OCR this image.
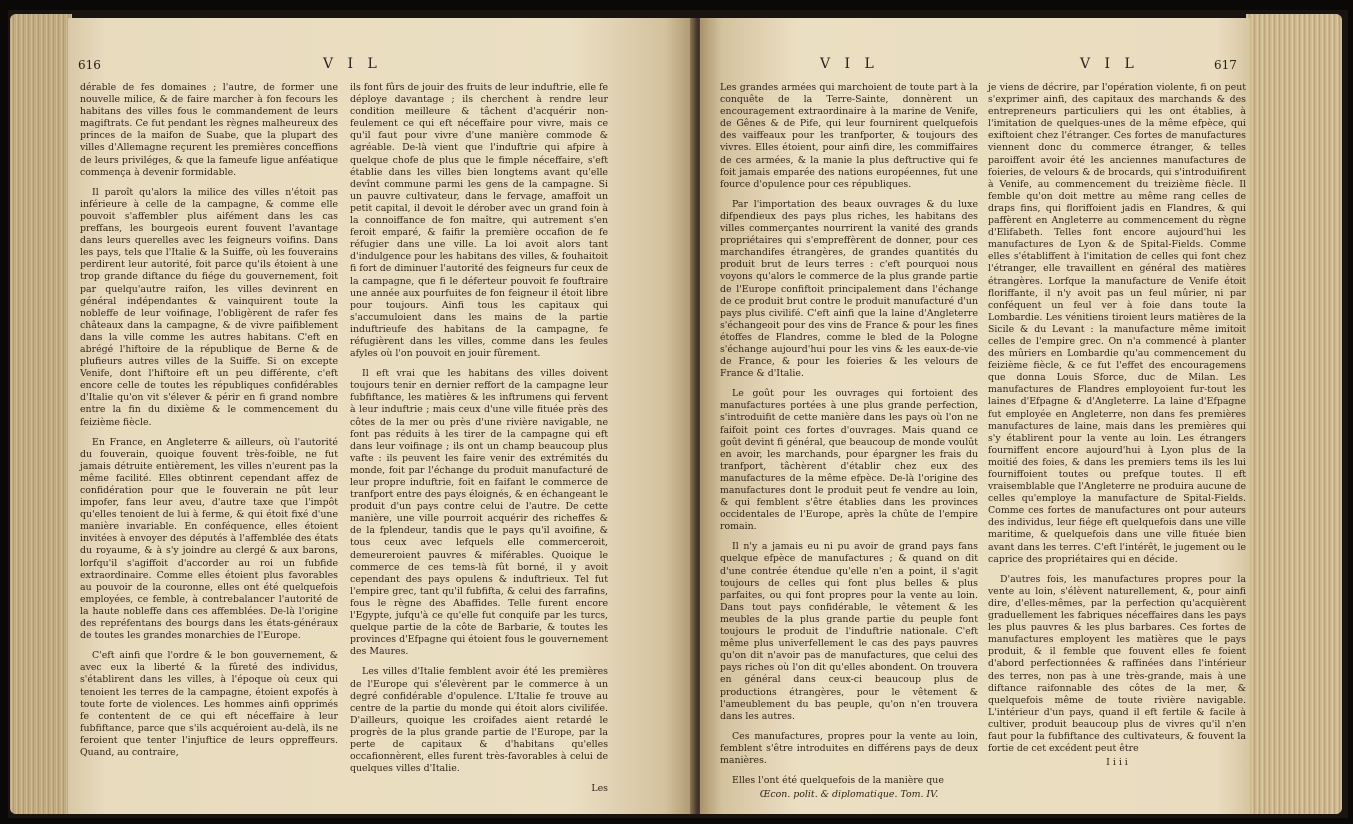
616	V I L

dérable de fes domaines ; l'autre, de former une nouvelle milice, & de faire marcher à fon fecours les habitans des villes fous le commandement de leurs magiftrats. Ce fut pendant les règnes malheureux des princes de la maifon de Suabe, que la plupart des villes d'Allemagne reçurent les premières conceffions de leurs priviléges, & que la fameufe ligue anféatique commença à devenir formidable.

Il paroît qu'alors la milice des villes n'étoit pas inférieure à celle de la campagne, & comme elle pouvoit s'affembler plus aifément dans les cas preffans, les bourgeois eurent fouvent l'avantage dans leurs querelles avec les feigneurs voifins. Dans les pays, tels que l'Italie & la Suiffe, où les fouverains perdirent leur autorité, foit parce qu'ils étoient à une trop grande diftance du fiége du gouvernement, foit par quelqu'autre raifon, les villes devinrent en général indépendantes & vainquirent toute la nobleffe de leur voifinage, l'obligèrent de rafer fes châteaux dans la campagne, & de vivre paifiblement dans la ville comme les autres habitans. C'eft en abrégé l'hiftoire de la république de Berne & de plufieurs autres villes de la Suiffe. Si on excepte Venife, dont l'hiftoire eft un peu différente, c'eft encore celle de toutes les républiques confidérables d'Italie qu'on vit s'élever & périr en fi grand nombre entre la fin du dixième & le commencement du feizième fiècle.

En France, en Angleterre & ailleurs, où l'autorité du fouverain, quoique fouvent très-foible, ne fut jamais détruite entièrement, les villes n'eurent pas la même facilité. Elles obtinrent cependant affez de confidération pour que le fouverain ne pût leur impofer, fans leur aveu, d'autre taxe que l'impôt qu'elles tenoient de lui à ferme, & qui étoit fixé d'une manière invariable. En conféquence, elles étoient invitées à envoyer des députés à l'affemblée des états du royaume, & à s'y joindre au clergé & aux barons, lorfqu'il s'agiffoit d'accorder au roi un fubfide extraordinaire. Comme elles étoient plus favorables au pouvoir de la couronne, elles ont été quelquefois employées, ce femble, à contrebalancer l'autorité de la haute nobleffe dans ces affemblées. De-là l'origine des repréfentans des bourgs dans les états-généraux de toutes les grandes monarchies de l'Europe.

C'eft ainfi que l'ordre & le bon gouvernement, & avec eux la liberté & la fûreté des individus, s'établirent dans les villes, à l'époque où ceux qui tenoient les terres de la campagne, étoient expofés à toute forte de violences. Les hommes ainfi opprimés fe contentent de ce qui eft néceffaire à leur fubfiftance, parce que s'ils acquéroient au-delà, ils ne feroient que tenter l'injuftice de leurs oppreffeurs. Quand, au contraire,

ils font fûrs de jouir des fruits de leur induftrie, elle fe déploye davantage ; ils cherchent à rendre leur condition meilleure & tâchent d'acquérir non-feulement ce qui eft néceffaire pour vivre, mais ce qu'il faut pour vivre d'une manière commode & agréable. De-là vient que l'induftrie qui afpire à quelque chofe de plus que le fimple néceffaire, s'eft établie dans les villes bien longtems avant qu'elle devînt commune parmi les gens de la campagne. Si un pauvre cultivateur, dans le fervage, amaffoit un petit capital, il devoit le dérober avec un grand foin à la connoiffance de fon maître, qui autrement s'en feroit emparé, & faifir la première occafion de fe réfugier dans une ville. La loi avoit alors tant d'indulgence pour les habitans des villes, & fouhaitoit fi fort de diminuer l'autorité des feigneurs fur ceux de la campagne, que fi le déferteur pouvoit fe fouftraire une année aux pourfuites de fon feigneur il étoit libre pour toujours. Ainfi tous les capitaux qui s'accumuloient dans les mains de la partie induftrieufe des habitans de la campagne, fe réfugièrent dans les villes, comme dans les feules afyles où l'on pouvoit en jouir fûrement.

Il eft vrai que les habitans des villes doivent toujours tenir en dernier reffort de la campagne leur fubfiftance, les matières & les inftrumens qui fervent à leur induftrie ; mais ceux d'une ville fituée près des côtes de la mer ou près d'une rivière navigable, ne font pas réduits à les tirer de la campagne qui eft dans leur voifinage ; ils ont un champ beaucoup plus vafte : ils peuvent les faire venir des extrémités du monde, foit par l'échange du produit manufacturé de leur propre induftrie, foit en faifant le commerce de tranfport entre des pays éloignés, & en échangeant le produit d'un pays contre celui de l'autre. De cette manière, une ville pourroit acquérir des richeffes & de la fplendeur, tandis que le pays qu'il avoifine, & tous ceux avec lefquels elle commerceroit, demeureroient pauvres & miférables. Quoique le commerce de ces tems-là fût borné, il y avoit cependant des pays opulens & induftrieux. Tel fut l'empire grec, tant qu'il fubfifta, & celui des farrafins, fous le règne des Abaffides. Telle furent encore l'Egypte, jufqu'à ce qu'elle fut conquife par les turcs, quelque partie de la côte de Barbarie, & toutes les provinces d'Efpagne qui étoient fous le gouvernement des Maures.

Les villes d'Italie femblent avoir été les premières de l'Europe qui s'élevèrent par le commerce à un degré confidérable d'opulence. L'Italie fe trouve au centre de la partie du monde qui étoit alors civilifée. D'ailleurs, quoique les croifades aient retardé le progrès de la plus grande partie de l'Europe, par la perte de capitaux & d'habitans qu'elles occafionnèrent, elles furent très-favorables à celui de quelques villes d'Italie.

Les
V I L	V I L	617

Les grandes armées qui marchoient de toute part à la conquête de la Terre-Sainte, donnèrent un encouragement extraordinaire à la marine de Venife, de Gênes & de Pife, qui leur fournirent quelquefois des vaiffeaux pour les tranfporter, & toujours des vivres. Elles étoient, pour ainfi dire, les commiffaires de ces armées, & la manie la plus deftructive qui fe foit jamais emparée des nations européennes, fut une fource d'opulence pour ces républiques.

Par l'importation des beaux ouvrages & du luxe difpendieux des pays plus riches, les habitans des villes commerçantes nourrirent la vanité des grands propriétaires qui s'empreffèrent de donner, pour ces marchandifes étrangères, de grandes quantités du produit brut de leurs terres : c'eft pourquoi nous voyons qu'alors le commerce de la plus grande partie de l'Europe confiftoit principalement dans l'échange de ce produit brut contre le produit manufacturé d'un pays plus civilifé. C'eft ainfi que la laine d'Angleterre s'échangeoit pour des vins de France & pour les fines étoffes de Flandres, comme le bled de la Pologne s'échange aujourd'hui pour les vins & les eaux-de-vie de France, & pour les foieries & les velours de France & d'Italie.

Le goût pour les ouvrages qui fortoient des manufactures portées à une plus grande perfection, s'introduifit de cette manière dans les pays où l'on ne faifoit point ces fortes d'ouvrages. Mais quand ce goût devint fi général, que beaucoup de monde voulût en avoir, les marchands, pour épargner les frais du tranfport, tâchèrent d'établir chez eux des manufactures de la même efpèce. De-là l'origine des manufactures dont le produit peut fe vendre au loin, & qui femblent s'être établies dans les provinces occidentales de l'Europe, après la chûte de l'empire romain.

Il n'y a jamais eu ni pu avoir de grand pays fans quelque efpèce de manufactures ; & quand on dit d'une contrée étendue qu'elle n'en a point, il s'agit toujours de celles qui font plus belles & plus parfaites, ou qui font propres pour la vente au loin. Dans tout pays confidérable, le vêtement & les meubles de la plus grande partie du peuple font toujours le produit de l'induftrie nationale. C'eft même plus univerfellement le cas des pays pauvres qu'on dit n'avoir pas de manufactures, que celui des pays riches où l'on dit qu'elles abondent. On trouvera en général dans ceux-ci beaucoup plus de productions étrangères, pour le vêtement & l'ameublement du bas peuple, qu'on n'en trouvera dans les autres.

Ces manufactures, propres pour la vente au loin, femblent s'être introduites en différens pays de deux manières.

Elles l'ont été quelquefois de la manière que

Œcon. polit. & diplomatique. Tom. IV.

je viens de décrire, par l'opération violente, fi on peut s'exprimer ainfi, des capitaux des marchands & des entrepreneurs particuliers qui les ont établies, à l'imitation de quelques-unes de la même efpèce, qui exiftoient chez l'étranger. Ces fortes de manufactures viennent donc du commerce étranger, & telles paroiffent avoir été les anciennes manufactures de foieries, de velours & de brocards, qui s'introduifirent à Venife, au commencement du treizième fiècle. Il femble qu'on doit mettre au même rang celles de draps fins, qui floriffoient jadis en Flandres, & qui paffèrent en Angleterre au commencement du règne d'Elifabeth. Telles font encore aujourd'hui les manufactures de Lyon & de Spital-Fields. Comme elles s'établiffent à l'imitation de celles qui font chez l'étranger, elle travaillent en général des matières étrangères. Lorfque la manufacture de Venife étoit floriffante, il n'y avoit pas un feul mûrier, ni par conféquent un feul ver à foie dans toute la Lombardie. Les vénitiens tiroient leurs matières de la Sicile & du Levant : la manufacture même imitoit celles de l'empire grec. On n'a commencé à planter des mûriers en Lombardie qu'au commencement du feizième fiècle, & ce fut l'effet des encouragemens que donna Louis Sforce, duc de Milan. Les manufactures de Flandres employoient fur-tout les laines d'Efpagne & d'Angleterre. La laine d'Efpagne fut employée en Angleterre, non dans fes premières manufactures de laine, mais dans les premières qui s'y établirent pour la vente au loin. Les étrangers fourniffent encore aujourd'hui à Lyon plus de la moitié des foies, & dans les premiers tems ils les lui fourniffoient toutes ou prefque toutes. Il eft vraisemblable que l'Angleterre ne produira aucune de celles qu'employe la manufacture de Spital-Fields. Comme ces fortes de manufactures ont pour auteurs des individus, leur fiége eft quelquefois dans une ville maritime, & quelquefois dans une ville fituée bien avant dans les terres. C'eft l'intérêt, le jugement ou le caprice des propriétaires qui en décide.

D'autres fois, les manufactures propres pour la vente au loin, s'élèvent naturellement, &, pour ainfi dire, d'elles-mêmes, par la perfection qu'acquièrent graduellement les fabriques néceffaires dans les pays les plus pauvres & les plus barbares. Ces fortes de manufactures employent les matières que le pays produit, & il femble que fouvent elles fe foient d'abord perfectionnées & raffinées dans l'intérieur des terres, non pas à une très-grande, mais à une diftance raifonnable des côtes de la mer, & quelquefois même de toute rivière navigable. L'intérieur d'un pays, quand il eft fertile & facile à cultiver, produit beaucoup plus de vivres qu'il n'en faut pour la fubfiftance des cultivateurs, & fouvent la fortie de cet excédent peut être

I i i i
